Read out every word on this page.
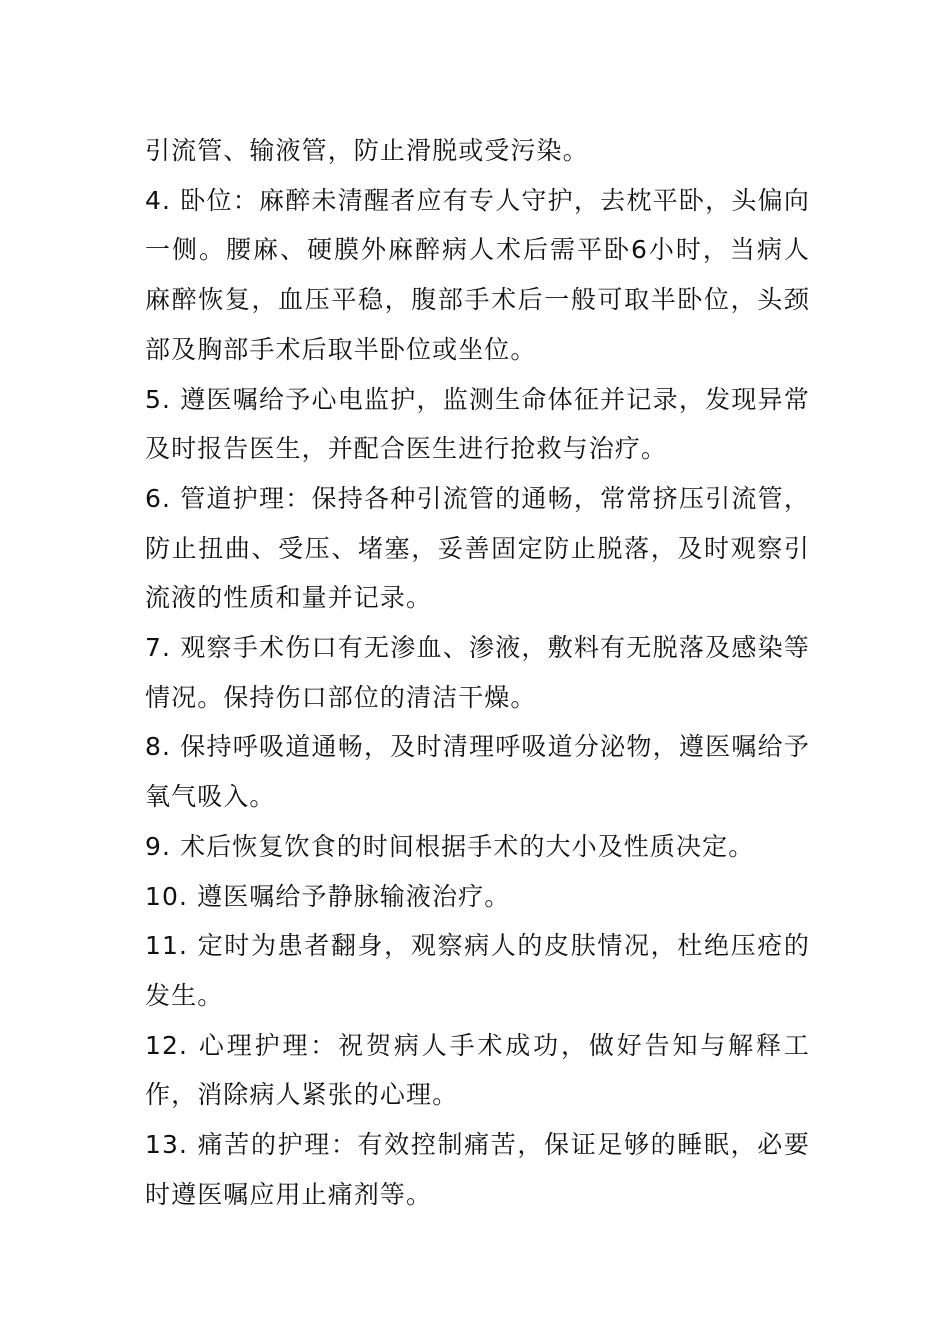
引流管、输液管，防止滑脱或受污染。

4. 卧位：麻醉未清醒者应有专人守护，去枕平卧，头偏向一侧。腰麻、硬膜外麻醉病人术后需平卧6小时，当病人麻醉恢复，血压平稳，腹部手术后一般可取半卧位，头颈部及胸部手术后取半卧位或坐位。

5. 遵医嘱给予心电监护，监测生命体征并记录，发现异常及时报告医生，并配合医生进行抢救与治疗。

6. 管道护理：保持各种引流管的通畅，常常挤压引流管，防止扭曲、受压、堵塞，妥善固定防止脱落，及时观察引流液的性质和量并记录。

7. 观察手术伤口有无渗血、渗液，敷料有无脱落及感染等情况。保持伤口部位的清洁干燥。

8. 保持呼吸道通畅，及时清理呼吸道分泌物，遵医嘱给予氧气吸入。

9. 术后恢复饮食的时间根据手术的大小及性质决定。

10. 遵医嘱给予静脉输液治疗。

11. 定时为患者翻身，观察病人的皮肤情况，杜绝压疮的发生。

12. 心理护理：祝贺病人手术成功，做好告知与解释工作，消除病人紧张的心理。

13. 痛苦的护理：有效控制痛苦，保证足够的睡眠，必要时遵医嘱应用止痛剂等。
